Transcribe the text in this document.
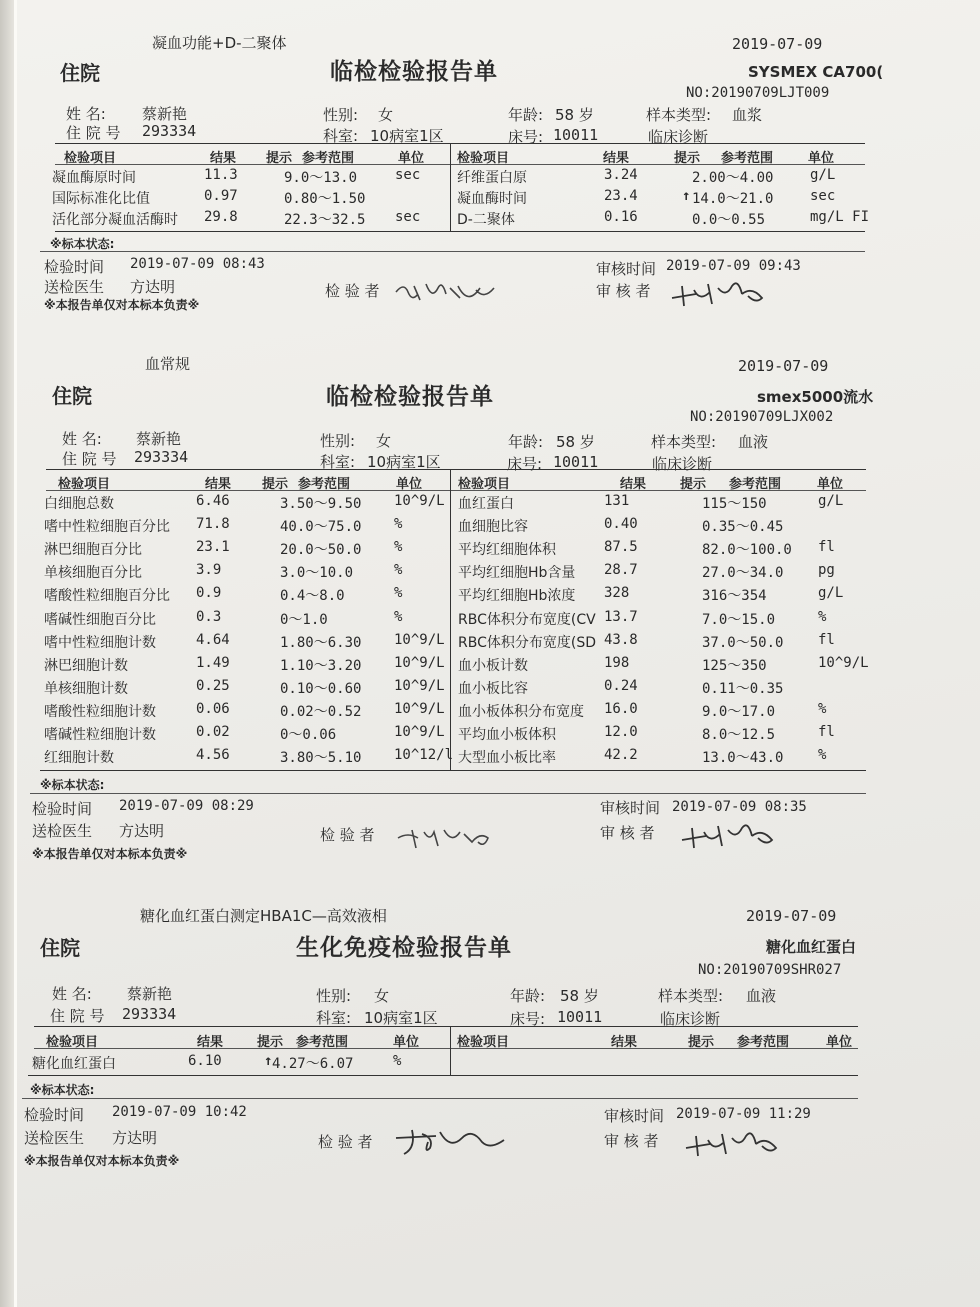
凝血功能+D-二聚体	2019-07-09
住院	临检检验报告单	SYSMEX CA700(
NO:20190709LJT009
姓 名: 蔡新艳	性别: 女	年龄: 58 岁	样本类型: 血浆
住 院 号 293334	科室: 10病室1区	床号: 10011	临床诊断
检验项目	结果 提示 参考范围	单位	检验项目	结果	提示 参考范围	单位
凝血酶原时间	11.3	9.0～13.0	sec
国际标准化比值	0.97	0.80～1.50
活化部分凝血活酶时 29.8	22.3～32.5 sec
纤维蛋白原	3.24	2.00～4.00	g/L
凝血酶时间	23.4	↑ 14.0～21.0	sec
D-二聚体	0.16	0.0～0.55	mg/L FI
※标本状态:
检验时间 2019-07-09 08:43
送检医生 方达明	检 验 者
审核时间 2019-07-09 09:43
审 核 者
※本报告单仅对本标本负责※
血常规	2019-07-09
住院	临检检验报告单	smex5000流水
NO:20190709LJX002
姓 名: 蔡新艳	性别: 女	年龄: 58 岁	样本类型: 血液
住 院 号 293334	科室: 10病室1区	床号: 10011	临床诊断
检验项目	结果 提示 参考范围	单位	检验项目	结果	提示 参考范围	单位
白细胞总数	6.46	3.50～9.50 10^9/L
嗜中性粒细胞百分比 71.8	40.0～75.0 %
淋巴细胞百分比	23.1	20.0～50.0 %
单核细胞百分比	3.9	3.0～10.0	%
嗜酸性粒细胞百分比 0.9	0.4～8.0	%
嗜碱性细胞百分比	0.3	0～1.0	%
嗜中性粒细胞计数	4.64	1.80～6.30 10^9/L
淋巴细胞计数	1.49	1.10～3.20 10^9/L
单核细胞计数	0.25	0.10～0.60 10^9/L
嗜酸性粒细胞计数	0.06	0.02～0.52 10^9/L
嗜碱性粒细胞计数	0.02	0～0.06	10^9/L
红细胞计数	4.56	3.80～5.10 10^12/l
血红蛋白	131	115～150	g/L
血细胞比容	0.40	0.35～0.45
平均红细胞体积	87.5	82.0～100.0 fl
平均红细胞Hb含量 28.7	27.0～34.0 pg
平均红细胞Hb浓度 328	316～354	g/L
RBC体积分布宽度(CV 13.7	7.0～15.0	%
RBC体积分布宽度(SD 43.8	37.0～50.0 fl
血小板计数	198	125～350	10^9/L
血小板比容	0.24	0.11～0.35
血小板体积分布宽度 16.0	9.0～17.0	%
平均血小板体积	12.0	8.0～12.5	fl
大型血小板比率	42.2	13.0～43.0 %
※标本状态:
检验时间 2019-07-09 08:29
送检医生 方达明	检 验 者
审核时间 2019-07-09 08:35
审 核 者
※本报告单仅对本标本负责※
糖化血红蛋白测定HBA1C—高效液相	2019-07-09
住院	生化免疫检验报告单	糖化血红蛋白
NO:20190709SHR027
姓 名: 蔡新艳	性别: 女	年龄: 58 岁	样本类型: 血液
住 院 号 293334	科室: 10病室1区	床号: 10011	临床诊断
检验项目	结果	提示 参考范围	单位	检验项目	结果	提示 参考范围	单位
糖化血红蛋白	6.10	↑ 4.27～6.07	%
※标本状态:
检验时间 2019-07-09 10:42
送检医生 方达明	检 验 者
审核时间 2019-07-09 11:29
审 核 者
※本报告单仅对本标本负责※
